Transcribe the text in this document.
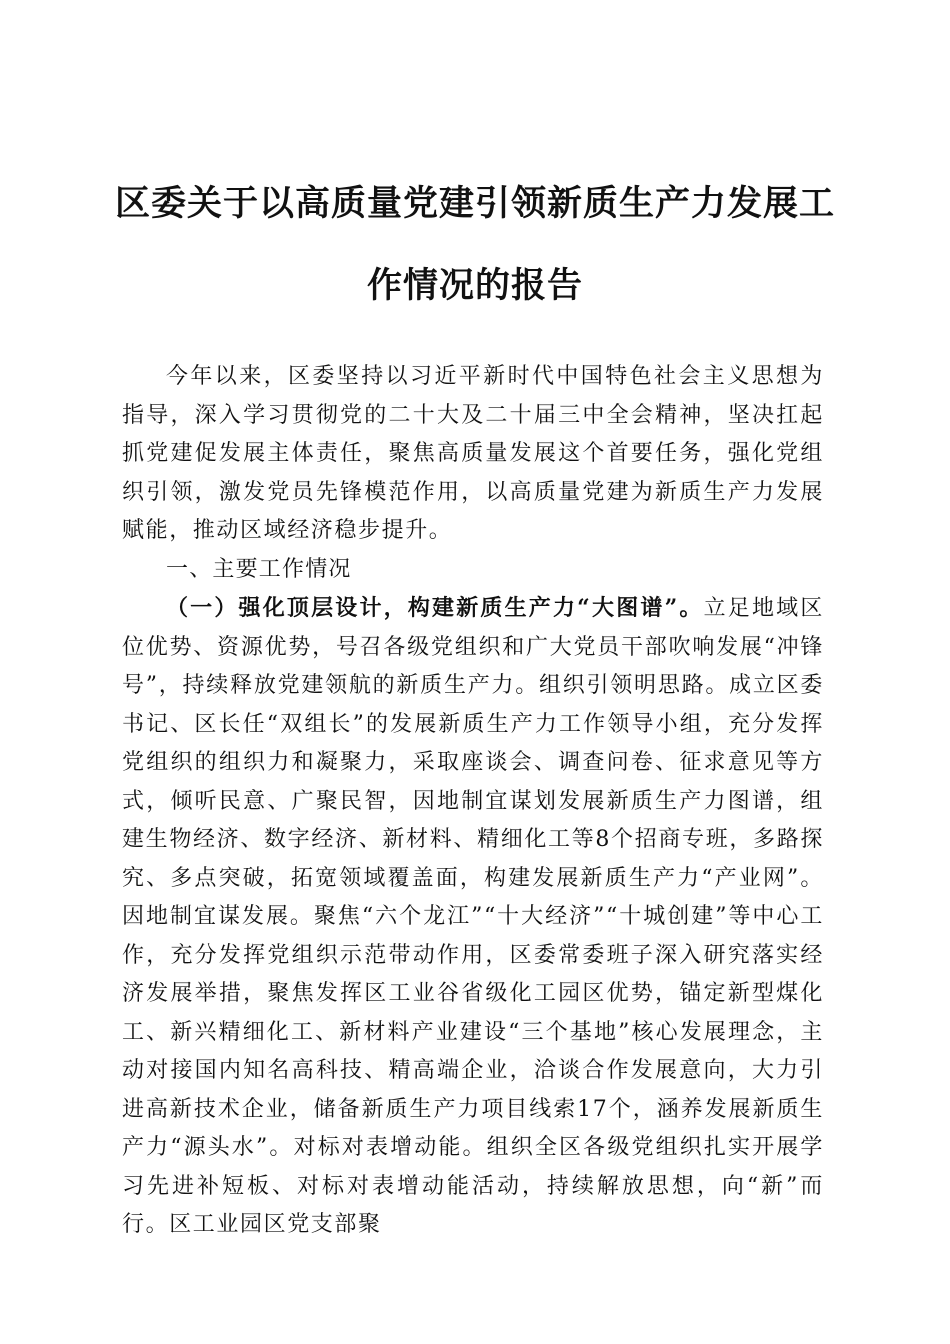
区委关于以高质量党建引领新质生产力发展工作情况的报告

今年以来，区委坚持以习近平新时代中国特色社会主义思想为指导，深入学习贯彻党的二十大及二十届三中全会精神，坚决扛起抓党建促发展主体责任，聚焦高质量发展这个首要任务，强化党组织引领，激发党员先锋模范作用，以高质量党建为新质生产力发展赋能，推动区域经济稳步提升。

一、主要工作情况

（一）强化顶层设计，构建新质生产力“大图谱”。立足地域区位优势、资源优势，号召各级党组织和广大党员干部吹响发展“冲锋号”，持续释放党建领航的新质生产力。组织引领明思路。成立区委书记、区长任“双组长”的发展新质生产力工作领导小组，充分发挥党组织的组织力和凝聚力，采取座谈会、调查问卷、征求意见等方式，倾听民意、广聚民智，因地制宜谋划发展新质生产力图谱，组建生物经济、数字经济、新材料、精细化工等8个招商专班，多路探究、多点突破，拓宽领域覆盖面，构建发展新质生产力“产业网”。因地制宜谋发展。聚焦“六个龙江”“十大经济”“十城创建”等中心工作，充分发挥党组织示范带动作用，区委常委班子深入研究落实经济发展举措，聚焦发挥区工业谷省级化工园区优势，锚定新型煤化工、新兴精细化工、新材料产业建设“三个基地”核心发展理念，主动对接国内知名高科技、精高端企业，洽谈合作发展意向，大力引进高新技术企业，储备新质生产力项目线索17个，涵养发展新质生产力“源头水”。对标对表增动能。组织全区各级党组织扎实开展学习先进补短板、对标对表增动能活动，持续解放思想，向“新”而行。区工业园区党支部聚
